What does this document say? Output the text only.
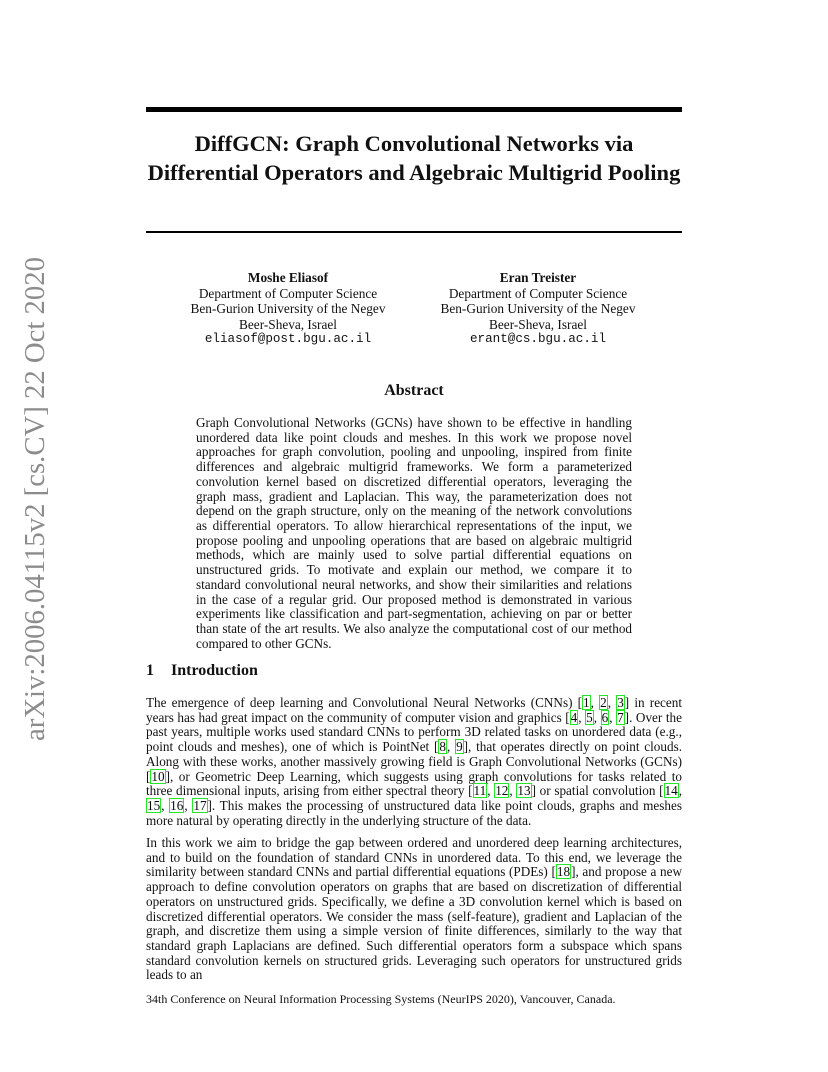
arXiv:2006.04115v2 [cs.CV] 22 Oct 2020
DiffGCN: Graph Convolutional Networks via Differential Operators and Algebraic Multigrid Pooling
Moshe Eliasof
Department of Computer Science
Ben-Gurion University of the Negev
Beer-Sheva, Israel
eliasof@post.bgu.ac.il
Eran Treister
Department of Computer Science
Ben-Gurion University of the Negev
Beer-Sheva, Israel
erant@cs.bgu.ac.il
Abstract
Graph Convolutional Networks (GCNs) have shown to be effective in handling unordered data like point clouds and meshes. In this work we propose novel approaches for graph convolution, pooling and unpooling, inspired from finite differences and algebraic multigrid frameworks. We form a parameterized convolution kernel based on discretized differential operators, leveraging the graph mass, gradient and Laplacian. This way, the parameterization does not depend on the graph structure, only on the meaning of the network convolutions as differential operators. To allow hierarchical representations of the input, we propose pooling and unpooling operations that are based on algebraic multigrid methods, which are mainly used to solve partial differential equations on unstructured grids. To motivate and explain our method, we compare it to standard convolutional neural networks, and show their similarities and relations in the case of a regular grid. Our proposed method is demonstrated in various experiments like classification and part-segmentation, achieving on par or better than state of the art results. We also analyze the computational cost of our method compared to other GCNs.
1 Introduction
The emergence of deep learning and Convolutional Neural Networks (CNNs) [1, 2, 3] in recent years has had great impact on the community of computer vision and graphics [4, 5, 6, 7]. Over the past years, multiple works used standard CNNs to perform 3D related tasks on unordered data (e.g., point clouds and meshes), one of which is PointNet [8, 9], that operates directly on point clouds. Along with these works, another massively growing field is Graph Convolutional Networks (GCNs) [10], or Geometric Deep Learning, which suggests using graph convolutions for tasks related to three dimensional inputs, arising from either spectral theory [11, 12, 13] or spatial convolution [14, 15, 16, 17]. This makes the processing of unstructured data like point clouds, graphs and meshes more natural by operating directly in the underlying structure of the data.
In this work we aim to bridge the gap between ordered and unordered deep learning architectures, and to build on the foundation of standard CNNs in unordered data. To this end, we leverage the similarity between standard CNNs and partial differential equations (PDEs) [18], and propose a new approach to define convolution operators on graphs that are based on discretization of differential operators on unstructured grids. Specifically, we define a 3D convolution kernel which is based on discretized differential operators. We consider the mass (self-feature), gradient and Laplacian of the graph, and discretize them using a simple version of finite differences, similarly to the way that standard graph Laplacians are defined. Such differential operators form a subspace which spans standard convolution kernels on structured grids. Leveraging such operators for unstructured grids leads to an
34th Conference on Neural Information Processing Systems (NeurIPS 2020), Vancouver, Canada.
